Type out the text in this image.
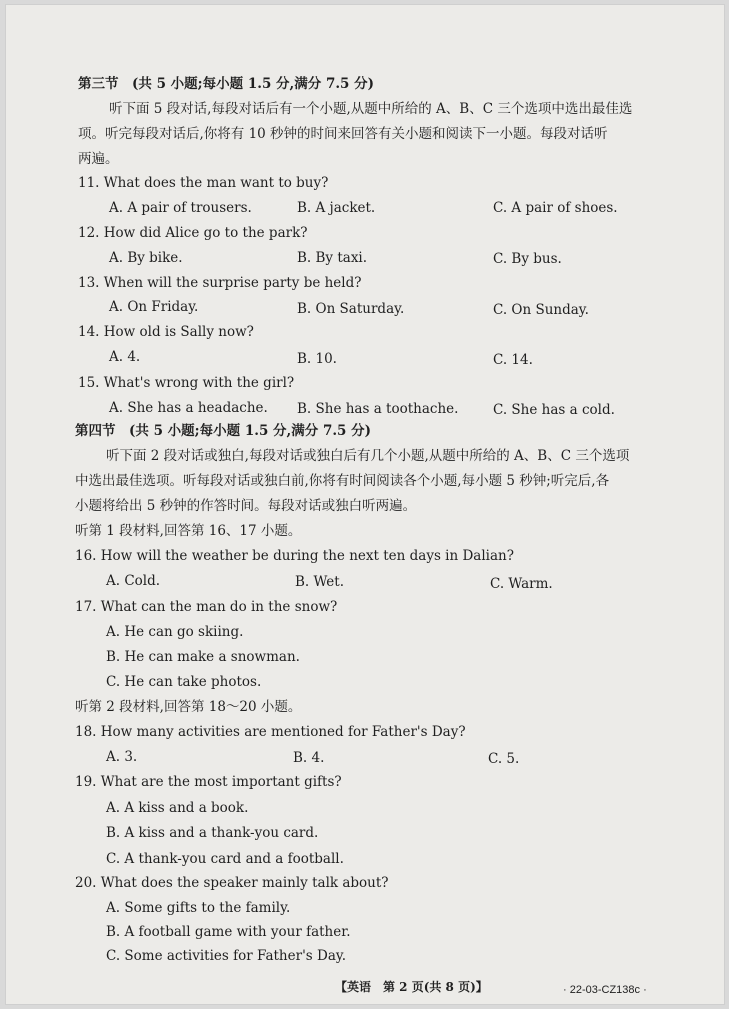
第三节　(共 5 小题;每小题 1.5 分,满分 7.5 分)
听下面 5 段对话,每段对话后有一个小题,从题中所给的 A、B、C 三个选项中选出最佳选
项。听完每段对话后,你将有 10 秒钟的时间来回答有关小题和阅读下一小题。每段对话听
两遍。
11. What does the man want to buy?
A. A pair of trousers.	B. A jacket.	C. A pair of shoes.
12. How did Alice go to the park?
A. By bike.	B. By taxi.	C. By bus.
13. When will the surprise party be held?
A. On Friday.	B. On Saturday.	C. On Sunday.
14. How old is Sally now?
A. 4.	B. 10.	C. 14.
15. What's wrong with the girl?
A. She has a headache. B. She has a toothache.	C. She has a cold.
第四节　(共 5 小题;每小题 1.5 分,满分 7.5 分)
听下面 2 段对话或独白,每段对话或独白后有几个小题,从题中所给的 A、B、C 三个选项
中选出最佳选项。听每段对话或独白前,你将有时间阅读各个小题,每小题 5 秒钟;听完后,各
小题将给出 5 秒钟的作答时间。每段对话或独白听两遍。
听第 1 段材料,回答第 16、17 小题。
16. How will the weather be during the next ten days in Dalian?
A. Cold.	B. Wet.	C. Warm.
17. What can the man do in the snow?
A. He can go skiing.
B. He can make a snowman.
C. He can take photos.
听第 2 段材料,回答第 18～20 小题。
18. How many activities are mentioned for Father's Day?
A. 3.	B. 4.	C. 5.
19. What are the most important gifts?
A. A kiss and a book.
B. A kiss and a thank-you card.
C. A thank-you card and a football.
20. What does the speaker mainly talk about?
A. Some gifts to the family.
B. A football game with your father.
C. Some activities for Father's Day.
【英语　第 2 页(共 8 页)】	· 22-03-CZ138c ·
